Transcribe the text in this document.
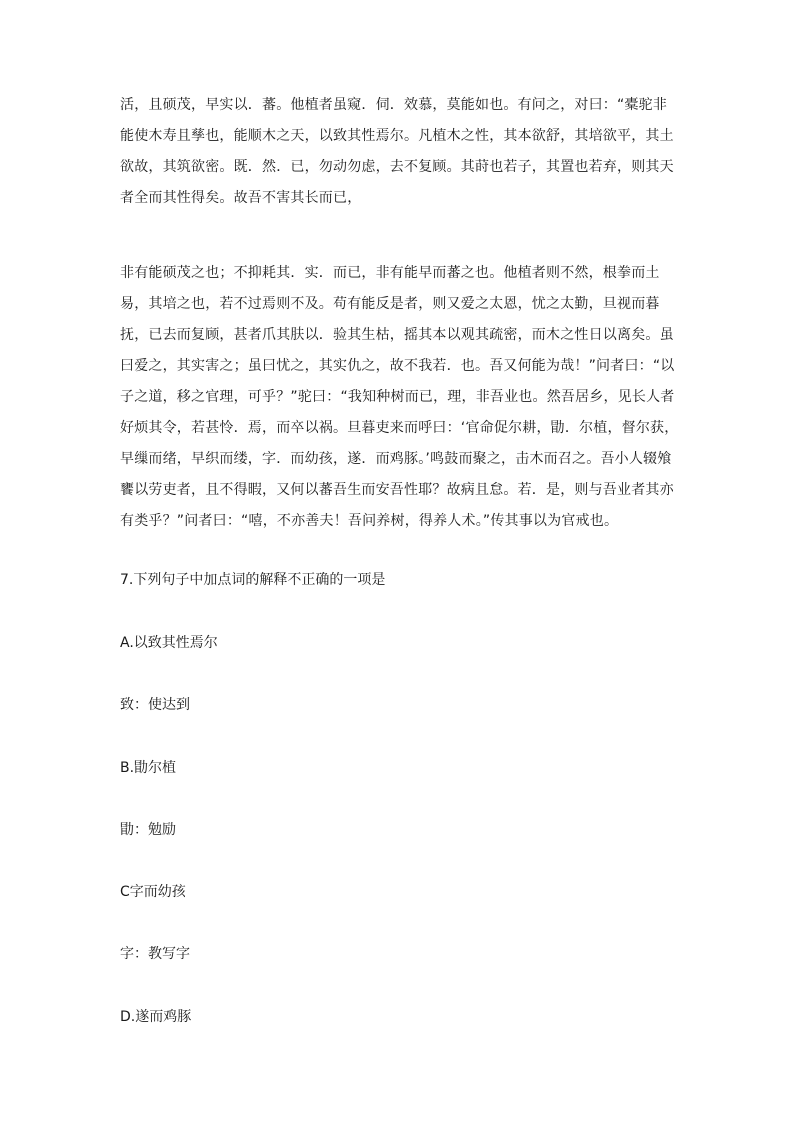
活，且硕茂，早实以．蕃。他植者虽窥．伺．效慕，莫能如也。有问之，对曰：“橐驼非能使木寿且孳也，能顺木之天，以致其性焉尔。凡植木之性，其本欲舒，其培欲平，其土欲故，其筑欲密。既．然．已，勿动勿虑，去不复顾。其莳也若子，其置也若弃，则其天者全而其性得矣。故吾不害其长而已，

非有能硕茂之也；不抑耗其．实．而已，非有能早而蕃之也。他植者则不然，根拳而土易，其培之也，若不过焉则不及。苟有能反是者，则又爱之太恩，忧之太勤，旦视而暮抚，已去而复顾，甚者爪其肤以．验其生枯，摇其本以观其疏密，而木之性日以离矣。虽曰爱之，其实害之；虽曰忧之，其实仇之，故不我若．也。吾又何能为哉！”问者曰：“以子之道，移之官理，可乎？”驼曰：“我知种树而已，理，非吾业也。然吾居乡，见长人者好烦其令，若甚怜．焉，而卒以祸。旦暮吏来而呼曰：‘官命促尔耕，勖．尔植，督尔获，早缫而绪，早织而缕，字．而幼孩，遂．而鸡豚。’鸣鼓而聚之，击木而召之。吾小人辍飧饔以劳吏者，且不得暇，又何以蕃吾生而安吾性耶？故病且怠。若．是，则与吾业者其亦有类乎？”问者曰：“嘻，不亦善夫！吾问养树，得养人术。”传其事以为官戒也。

7.下列句子中加点词的解释不正确的一项是

A.以致其性焉尔

致：使达到

B.勖尔植

勖：勉励

C字而幼孩

字：教写字

D.遂而鸡豚
